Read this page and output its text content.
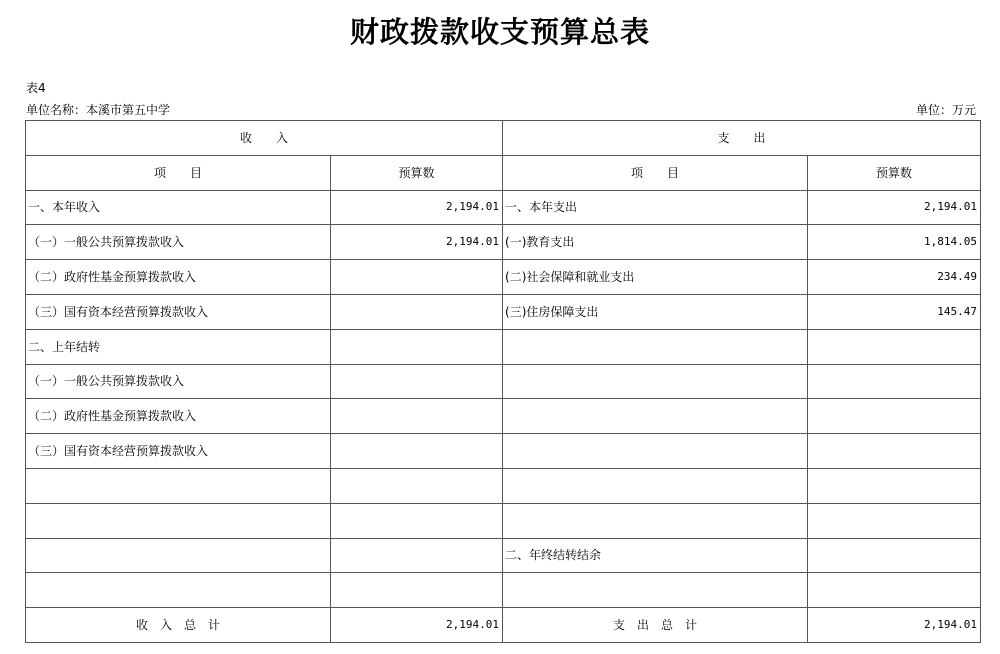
财政拨款收支预算总表
表4
单位名称：本溪市第五中学	单位：万元
收　　入		支　　出	
项　　目	预算数	项　　目	预算数
一、本年收入	2,194.01	一、本年支出	2,194.01
（一）一般公共预算拨款收入	2,194.01	(一)教育支出	1,814.05
（二）政府性基金预算拨款收入		(二)社会保障和就业支出	234.49
（三）国有资本经营预算拨款收入		(三)住房保障支出	145.47
二、上年结转			
（一）一般公共预算拨款收入			
（二）政府性基金预算拨款收入			
（三）国有资本经营预算拨款收入			

		二、年终结转结余	

收　入　总　计	2,194.01	支　出　总　计	2,194.01
